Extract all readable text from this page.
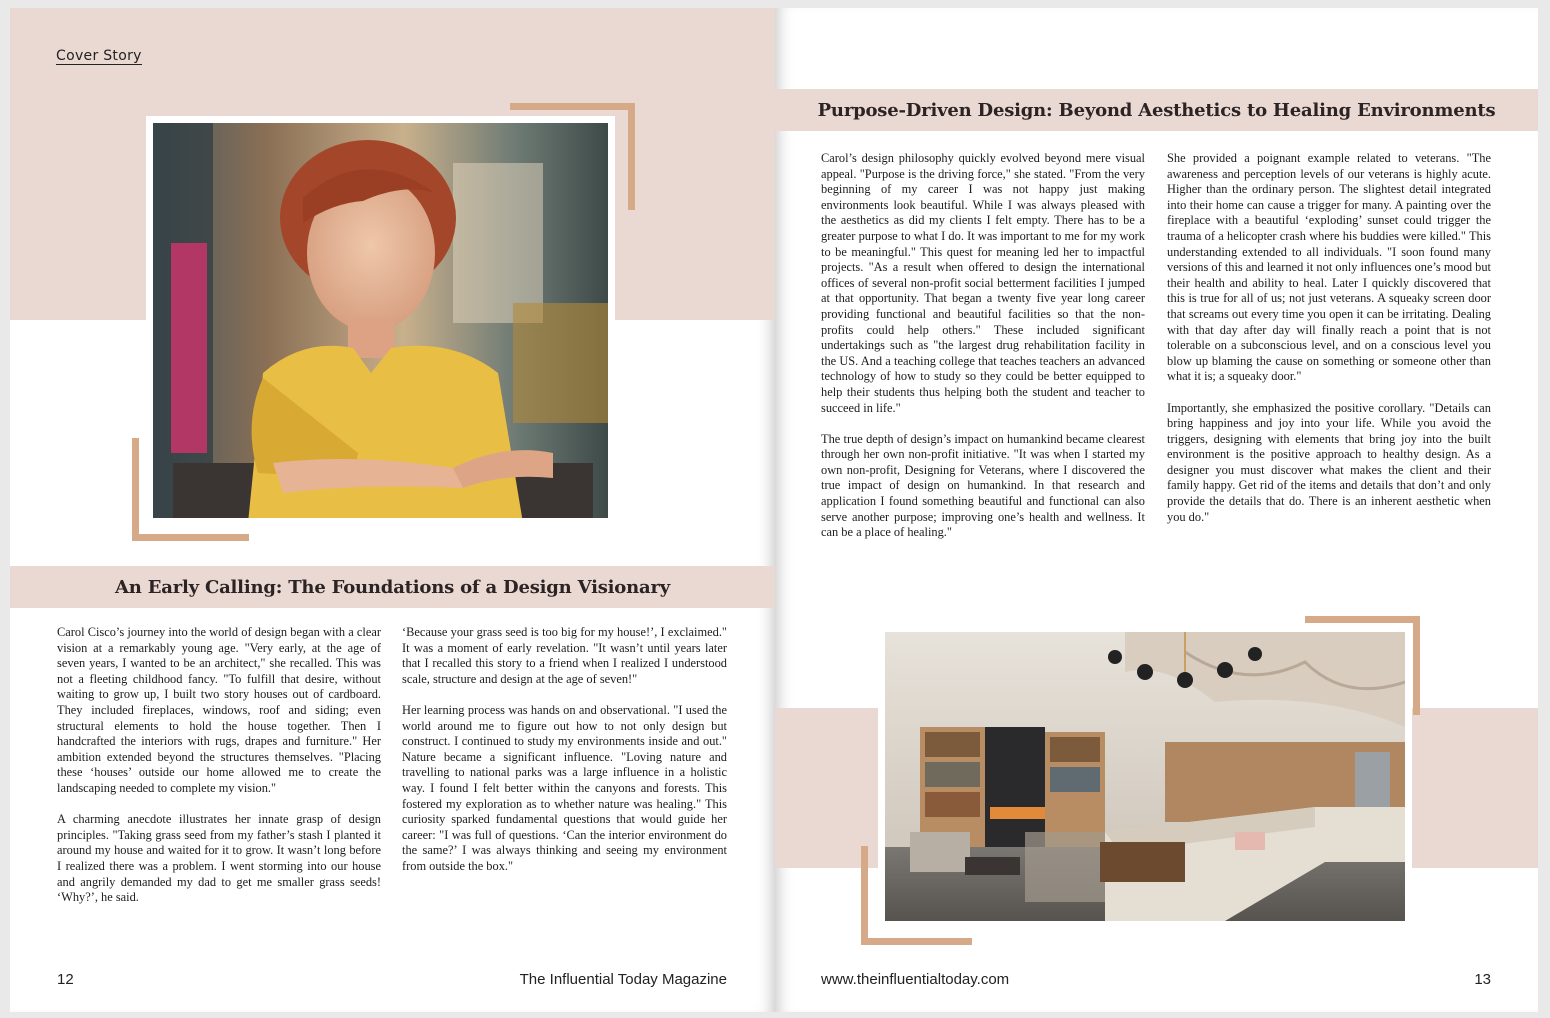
Cover Story
An Early Calling: The Foundations of a Design Visionary

Carol Cisco’s journey into the world of design began with a clear vision at a remarkably young age. "Very early, at the age of seven years, I wanted to be an architect," she recalled. This was not a fleeting childhood fancy. "To fulfill that desire, without waiting to grow up, I built two story houses out of cardboard. They included fireplaces, windows, roof and siding; even structural elements to hold the house together. Then I handcrafted the interiors with rugs, drapes and furniture." Her ambition extended beyond the structures themselves. "Placing these ‘houses’ outside our home allowed me to create the landscaping needed to complete my vision."

A charming anecdote illustrates her innate grasp of design principles. "Taking grass seed from my father’s stash I planted it around my house and waited for it to grow. It wasn’t long before I realized there was a problem. I went storming into our house and angrily demanded my dad to get me smaller grass seeds! ‘Why?’, he said.

‘Because your grass seed is too big for my house!’, I exclaimed." It was a moment of early revelation. "It wasn’t until years later that I recalled this story to a friend when I realized I understood scale, structure and design at the age of seven!"

Her learning process was hands on and observational. "I used the world around me to figure out how to not only design but construct. I continued to study my environments inside and out." Nature became a significant influence. "Loving nature and travelling to national parks was a large influence in a holistic way. I found I felt better within the canyons and forests. This fostered my exploration as to whether nature was healing." This curiosity sparked fundamental questions that would guide her career: "I was full of questions. ‘Can the interior environment do the same?’ I was always thinking and seeing my environment from outside the box."

12	The Influential Today Magazine
Purpose-Driven Design: Beyond Aesthetics to Healing Environments

Carol’s design philosophy quickly evolved beyond mere visual appeal. "Purpose is the driving force," she stated. "From the very beginning of my career I was not happy just making environments look beautiful. While I was always pleased with the aesthetics as did my clients I felt empty. There has to be a greater purpose to what I do. It was important to me for my work to be meaningful." This quest for meaning led her to impactful projects. "As a result when offered to design the international offices of several non-profit social betterment facilities I jumped at that opportunity. That began a twenty five year long career providing functional and beautiful facilities so that the non-profits could help others." These included significant undertakings such as "the largest drug rehabilitation facility in the US. And a teaching college that teaches teachers an advanced technology of how to study so they could be better equipped to help their students thus helping both the student and teacher to succeed in life."

The true depth of design’s impact on humankind became clearest through her own non-profit initiative. "It was when I started my own non-profit, Designing for Veterans, where I discovered the true impact of design on humankind. In that research and application I found something beautiful and functional can also serve another purpose; improving one’s health and wellness. It can be a place of healing."

She provided a poignant example related to veterans. "The awareness and perception levels of our veterans is highly acute. Higher than the ordinary person. The slightest detail integrated into their home can cause a trigger for many. A painting over the fireplace with a beautiful ‘exploding’ sunset could trigger the trauma of a helicopter crash where his buddies were killed." This understanding extended to all individuals. "I soon found many versions of this and learned it not only influences one’s mood but their health and ability to heal. Later I quickly discovered that this is true for all of us; not just veterans. A squeaky screen door that screams out every time you open it can be irritating. Dealing with that day after day will finally reach a point that is not tolerable on a subconscious level, and on a conscious level you blow up blaming the cause on something or someone other than what it is; a squeaky door."

Importantly, she emphasized the positive corollary. "Details can bring happiness and joy into your life. While you avoid the triggers, designing with elements that bring joy into the built environment is the positive approach to healthy design. As a designer you must discover what makes the client and their family happy. Get rid of the items and details that don’t and only provide the details that do. There is an inherent aesthetic when you do."

www.theinfluentialtoday.com	13
